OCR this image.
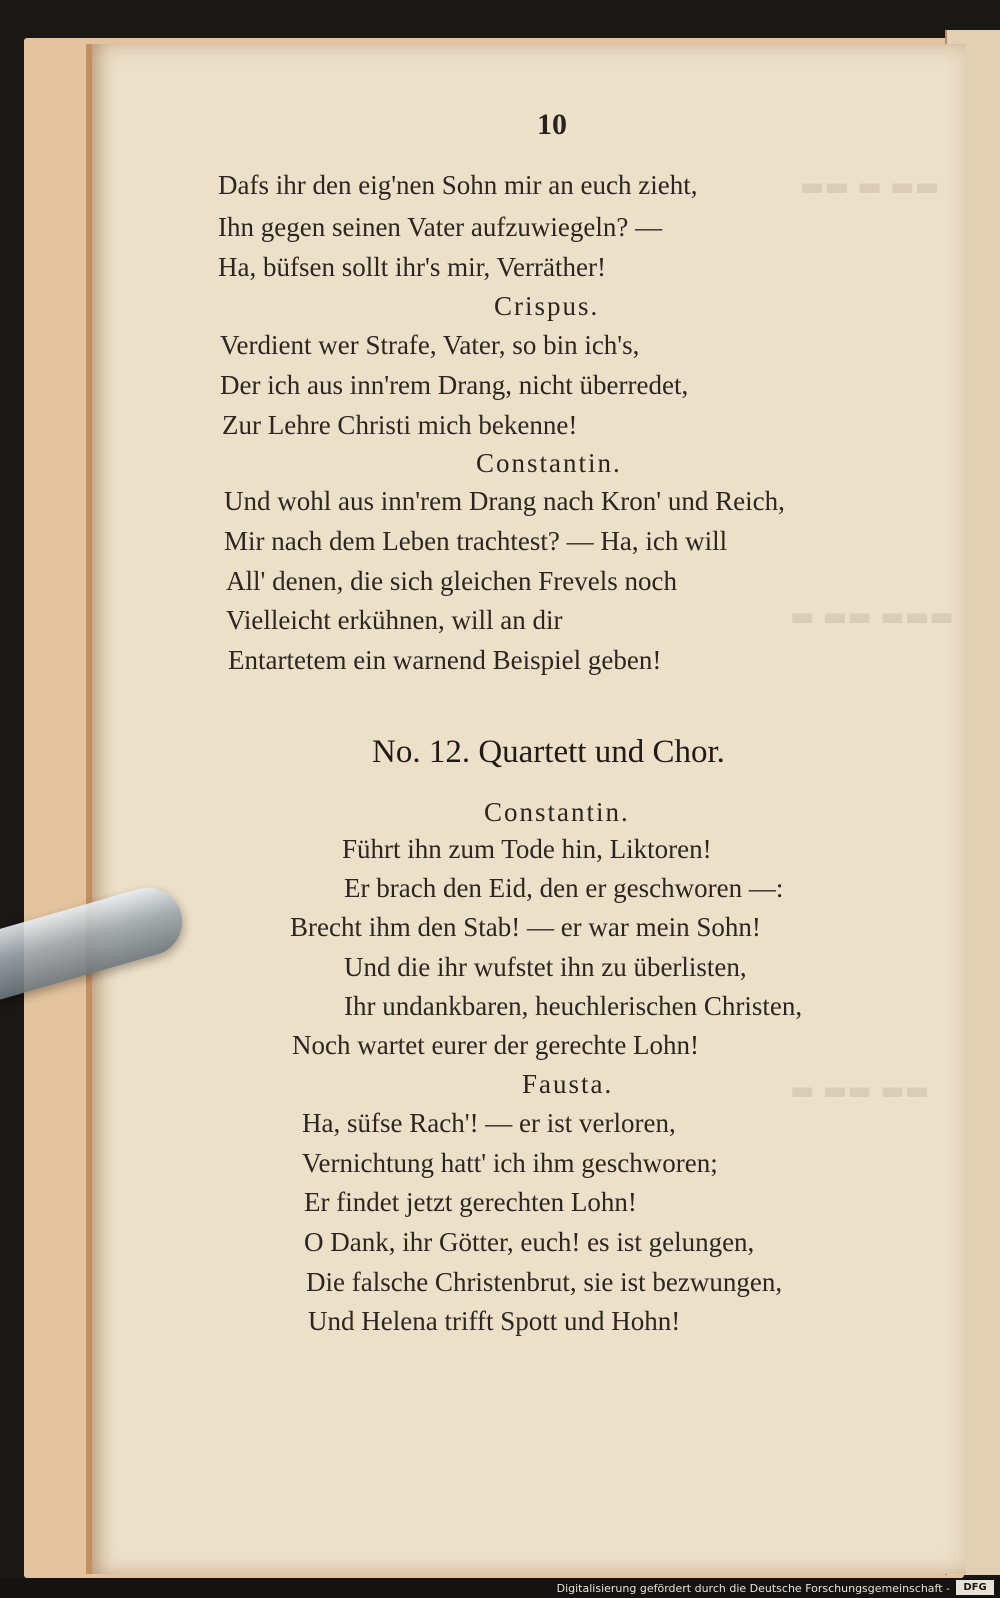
▬▬ ▬ ▬▬
▬▬▬ ▬▬ ▬
▬▬ ▬▬ ▬
10
Dafs ihr den eig'nen Sohn mir an euch zieht,
Ihn gegen seinen Vater aufzuwiegeln? —
Ha, büfsen sollt ihr's mir, Verräther!
Crispus.
Verdient wer Strafe, Vater, so bin ich's,
Der ich aus inn'rem Drang, nicht überredet,
Zur Lehre Christi mich bekenne!
Constantin.
Und wohl aus inn'rem Drang nach Kron' und Reich,
Mir nach dem Leben trachtest? — Ha, ich will
All' denen, die sich gleichen Frevels noch
Vielleicht erkühnen, will an dir
Entartetem ein warnend Beispiel geben!
No. 12. Quartett und Chor.
Constantin.
Führt ihn zum Tode hin, Liktoren!
Er brach den Eid, den er geschworen —:
Brecht ihm den Stab! — er war mein Sohn!
Und die ihr wufstet ihn zu überlisten,
Ihr undankbaren, heuchlerischen Christen,
Noch wartet eurer der gerechte Lohn!
Fausta.
Ha, süfse Rach'! — er ist verloren,
Vernichtung hatt' ich ihm geschworen;
Er findet jetzt gerechten Lohn!
O Dank, ihr Götter, euch! es ist gelungen,
Die falsche Christenbrut, sie ist bezwungen,
Und Helena trifft Spott und Hohn!
Digitalisierung gefördert durch die Deutsche Forschungsgemeinschaft -	DFG
